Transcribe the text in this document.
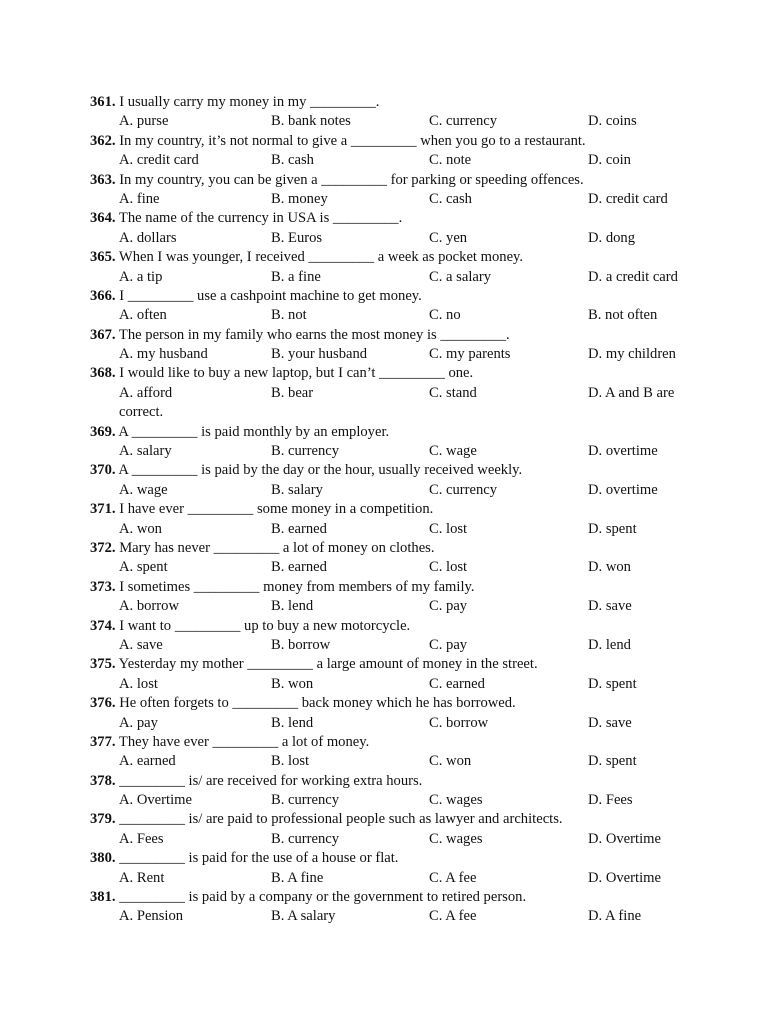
361. I usually carry my money in my _________.
A. purse	B. bank notes	C. currency	D. coins
362. In my country, it’s not normal to give a _________ when you go to a restaurant.
A. credit card	B. cash	C. note	D. coin
363. In my country, you can be given a _________ for parking or speeding offences.
A. fine	B. money	C. cash	D. credit card
364. The name of the currency in USA is _________.
A. dollars	B. Euros	C. yen	D. dong
365. When I was younger, I received _________ a week as pocket money.
A. a tip	B. a fine	C. a salary	D. a credit card
366. I _________ use a cashpoint machine to get money.
A. often	B. not	C. no	B. not often
367. The person in my family who earns the most money is _________.
A. my husband	B. your husband	C. my parents	D. my children
368. I would like to buy a new laptop, but I can’t _________ one.
A. afford	B. bear	C. stand	D. A and B are
correct.
369. A _________ is paid monthly by an employer.
A. salary	B. currency	C. wage	D. overtime
370. A _________ is paid by the day or the hour, usually received weekly.
A. wage	B. salary	C. currency	D. overtime
371. I have ever _________ some money in a competition.
A. won	B. earned	C. lost	D. spent
372. Mary has never _________ a lot of money on clothes.
A. spent	B. earned	C. lost	D. won
373. I sometimes _________ money from members of my family.
A. borrow	B. lend	C. pay	D. save
374. I want to _________ up to buy a new motorcycle.
A. save	B. borrow	C. pay	D. lend
375. Yesterday my mother _________ a large amount of money in the street.
A. lost	B. won	C. earned	D. spent
376. He often forgets to _________ back money which he has borrowed.
A. pay	B. lend	C. borrow	D. save
377. They have ever _________ a lot of money.
A. earned	B. lost	C. won	D. spent
378. _________ is/ are received for working extra hours.
A. Overtime	B. currency	C. wages	D. Fees
379. _________ is/ are paid to professional people such as lawyer and architects.
A. Fees	B. currency	C. wages	D. Overtime
380. _________ is paid for the use of a house or flat.
A. Rent	B. A fine	C. A fee	D. Overtime
381. _________ is paid by a company or the government to retired person.
A. Pension	B. A salary	C. A fee	D. A fine
